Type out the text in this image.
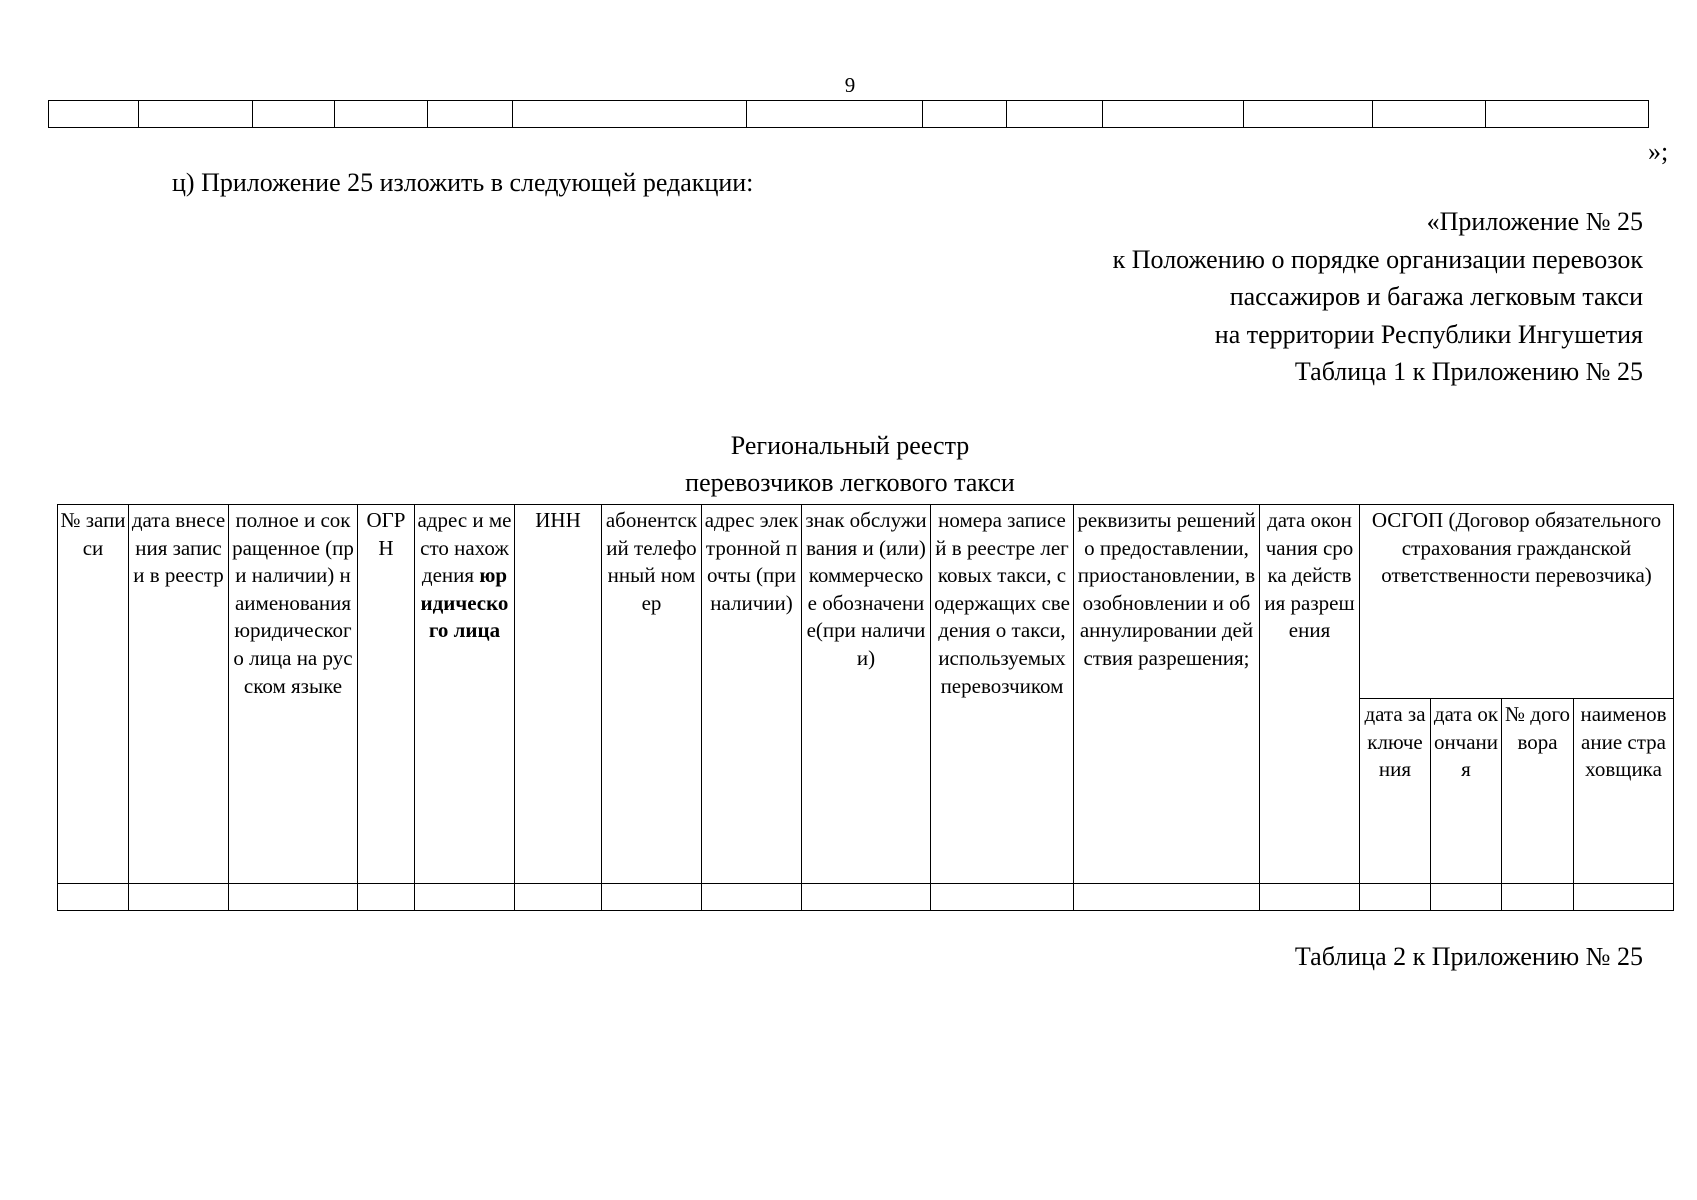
9

»;
ц) Приложение 25 изложить в следующей редакции:
«Приложение № 25
к Положению о порядке организации перевозок
пассажиров и багажа легковым такси
на территории Республики Ингушетия
Таблица 1 к Приложению № 25
Региональный реестр
перевозчиков легкового такси
№ записи	дата внесения записи в реестр	полное и сокращенное (при наличии) наименования юридического лица на русском языке	ОГРН	адрес и место нахождения юридического лица	ИНН	абонентский телефонный номер	адрес электронной почты (при наличии)	знак обслуживания и (или) коммерческое обозначение(при наличии)	номера записей в реестре легковых такси, содержащих сведения о такси, используемых перевозчиком	реквизиты решений о предоставлении, приостановлении, возобновлении и об аннулировании действия разрешения;	дата окончания срока действия разрешения	ОСГОП (Договор обязательного страхования гражданской ответственности перевозчика)			
												дата заключения	дата окончания	№ договора	наименование страховщика

Таблица 2 к Приложению № 25
